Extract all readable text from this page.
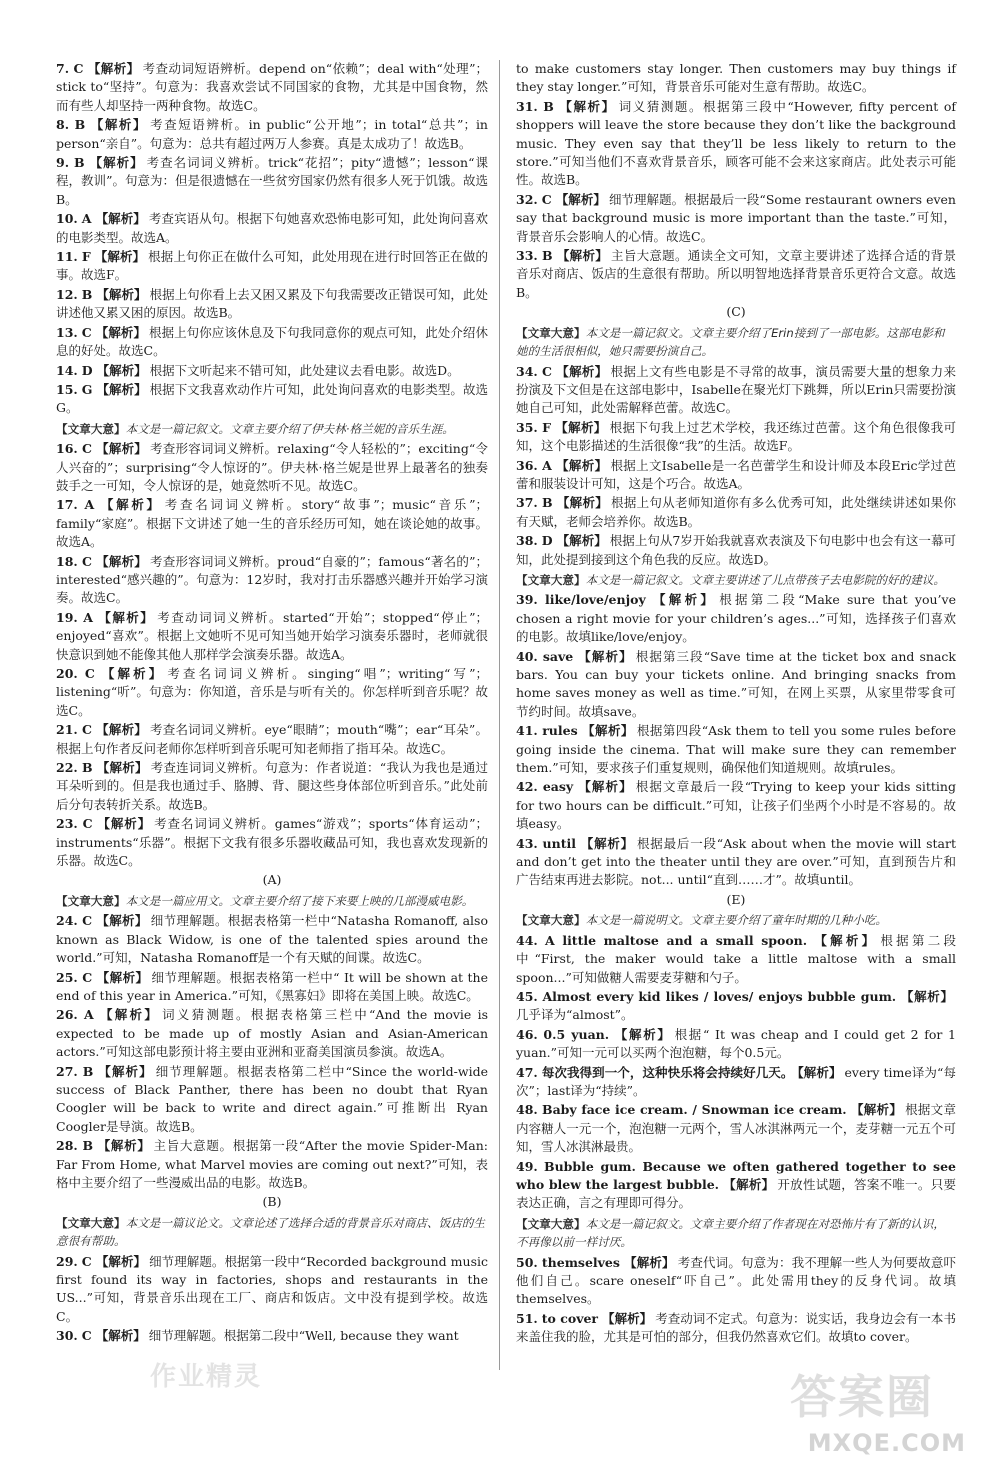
7. C 【解析】 考查动词短语辨析。depend on“依赖”；deal with“处理”；stick to“坚持”。句意为：我喜欢尝试不同国家的食物，尤其是中国食物，然而有些人却坚持一两种食物。故选C。
8. B 【解析】 考查短语辨析。in public“公开地”；in total“总共”；in person“亲自”。句意为：总共有超过两万人参赛。真是太成功了！故选B。
9. B 【解析】 考查名词词义辨析。trick“花招”；pity“遗憾”；lesson“课程，教训”。句意为：但是很遗憾在一些贫穷国家仍然有很多人死于饥饿。故选B。
10. A 【解析】 考查宾语从句。根据下句她喜欢恐怖电影可知，此处询问喜欢的电影类型。故选A。
11. F 【解析】 根据上句你正在做什么可知，此处用现在进行时回答正在做的事。故选F。
12. B 【解析】 根据上句你看上去又困又累及下句我需要改正错误可知，此处讲述他又累又困的原因。故选B。
13. C 【解析】 根据上句你应该休息及下句我同意你的观点可知，此处介绍休息的好处。故选C。
14. D 【解析】 根据下文听起来不错可知，此处建议去看电影。故选D。
15. G 【解析】 根据下文我喜欢动作片可知，此处询问喜欢的电影类型。故选G。
【文章大意】本文是一篇记叙文。文章主要介绍了伊夫林·格兰妮的音乐生涯。
16. C 【解析】 考查形容词词义辨析。relaxing“令人轻松的”；exciting“令人兴奋的”；surprising“令人惊讶的”。伊夫林·格兰妮是世界上最著名的独奏鼓手之一可知，令人惊讶的是，她竟然听不见。故选C。
17. A 【解析】 考查名词词义辨析。story“故事”；music“音乐”；family“家庭”。根据下文讲述了她一生的音乐经历可知，她在谈论她的故事。故选A。
18. C 【解析】 考查形容词词义辨析。proud“自豪的”；famous“著名的”；interested“感兴趣的”。句意为：12岁时，我对打击乐器感兴趣并开始学习演奏。故选C。
19. A 【解析】 考查动词词义辨析。started“开始”；stopped“停止”；enjoyed“喜欢”。根据上文她听不见可知当她开始学习演奏乐器时，老师就很快意识到她不能像其他人那样学会演奏乐器。故选A。
20. C 【解析】 考查名词词义辨析。singing“唱”；writing“写”；listening“听”。句意为：你知道，音乐是与听有关的。你怎样听到音乐呢？故选C。
21. C 【解析】 考查名词词义辨析。eye“眼睛”；mouth“嘴”；ear“耳朵”。根据上句作者反问老师你怎样听到音乐呢可知老师指了指耳朵。故选C。
22. B 【解析】 考查连词词义辨析。句意为：作者说道：“我认为我也是通过耳朵听到的。但是我也通过手、胳膊、背、腿这些身体部位听到音乐。”此处前后分句表转折关系。故选B。
23. C 【解析】 考查名词词义辨析。games“游戏”；sports“体育运动”；instruments“乐器”。根据下文我有很多乐器收藏品可知，我也喜欢发现新的乐器。故选C。
(A)
【文章大意】本文是一篇应用文。文章主要介绍了接下来要上映的几部漫威电影。
24. C 【解析】 细节理解题。根据表格第一栏中“Natasha Romanoff, also known as Black Widow, is one of the talented spies around the world.”可知，Natasha Romanoff是一个有天赋的间谍。故选C。
25. C 【解析】 细节理解题。根据表格第一栏中“ It will be shown at the end of this year in America.”可知，《黑寡妇》即将在美国上映。故选C。
26. A 【解析】 词义猜测题。根据表格第三栏中“And the movie is expected to be made up of mostly Asian and Asian-American actors.”可知这部电影预计将主要由亚洲和亚裔美国演员参演。故选A。
27. B 【解析】 细节理解题。根据表格第二栏中“Since the world-wide success of Black Panther, there has been no doubt that Ryan Coogler will be back to write and direct again.”可推断出 Ryan Coogler是导演。故选B。
28. B 【解析】 主旨大意题。根据第一段“After the movie Spider-Man: Far From Home, what Marvel movies are coming out next?”可知，表格中主要介绍了一些漫威出品的电影。故选B。
(B)
【文章大意】本文是一篇议论文。文章论述了选择合适的背景音乐对商店、饭店的生意很有帮助。
29. C 【解析】 细节理解题。根据第一段中“Recorded background music first found its way in factories, shops and restaurants in the US...”可知，背景音乐出现在工厂、商店和饭店。文中没有提到学校。故选C。
30. C 【解析】 细节理解题。根据第二段中“Well, because they want
to make customers stay longer. Then customers may buy things if they stay longer.”可知，背景音乐可能对生意有帮助。故选C。
31. B 【解析】 词义猜测题。根据第三段中“However, fifty percent of shoppers will leave the store because they don’t like the background music. They even say that they’ll be less likely to return to the store.”可知当他们不喜欢背景音乐，顾客可能不会来这家商店。此处表示可能性。故选B。
32. C 【解析】 细节理解题。根据最后一段“Some restaurant owners even say that background music is more important than the taste.”可知，背景音乐会影响人的心情。故选C。
33. B 【解析】 主旨大意题。通读全文可知，文章主要讲述了选择合适的背景音乐对商店、饭店的生意很有帮助。所以明智地选择背景音乐更符合文意。故选B。
(C)
【文章大意】本文是一篇记叙文。文章主要介绍了Erin接到了一部电影。这部电影和她的生活很相似，她只需要扮演自己。
34. C 【解析】 根据上文有些电影是不寻常的故事，演员需要大量的想象力来扮演及下文但是在这部电影中，Isabelle在聚光灯下跳舞，所以Erin只需要扮演她自己可知，此处需解释芭蕾。故选C。
35. F 【解析】 根据下句我上过艺术学校，我还练过芭蕾。这个角色很像我可知，这个电影描述的生活很像“我”的生活。故选F。
36. A 【解析】 根据上文Isabelle是一名芭蕾学生和设计师及本段Eric学过芭蕾和服装设计可知，这是个巧合。故选A。
37. B 【解析】 根据上句从老师知道你有多么优秀可知，此处继续讲述如果你有天赋，老师会培养你。故选B。
38. D 【解析】 根据上句从7岁开始我就喜欢表演及下句电影中也会有这一幕可知，此处提到接到这个角色我的反应。故选D。
【文章大意】本文是一篇记叙文。文章主要讲述了儿点带孩子去电影院的好的建议。
39. like/love/enjoy 【解析】 根据第二段“Make sure that you’ve chosen a right movie for your children’s ages...”可知，选择孩子们喜欢的电影。故填like/love/enjoy。
40. save 【解析】 根据第三段“Save time at the ticket box and snack bars. You can buy your tickets online. And bringing snacks from home saves money as well as time.”可知，在网上买票，从家里带零食可节约时间。故填save。
41. rules 【解析】 根据第四段“Ask them to tell you some rules before going inside the cinema. That will make sure they can remember them.”可知，要求孩子们重复规则，确保他们知道规则。故填rules。
42. easy 【解析】 根据文章最后一段“Trying to keep your kids sitting for two hours can be difficult.”可知，让孩子们坐两个小时是不容易的。故填easy。
43. until 【解析】 根据最后一段“Ask about when the movie will start and don’t get into the theater until they are over.”可知，直到预告片和广告结束再进去影院。not... until“直到……才”。故填until。
(E)
【文章大意】本文是一篇说明文。文章主要介绍了童年时期的几种小吃。
44. A little maltose and a small spoon. 【解析】 根据第二段中“First, the maker would take a little maltose with a small spoon...”可知做糖人需要麦芽糖和勺子。
45. Almost every kid likes / loves/ enjoys bubble gum. 【解析】几乎译为“almost”。
46. 0.5 yuan. 【解析】 根据“ It was cheap and I could get 2 for 1 yuan.”可知一元可以买两个泡泡糖，每个0.5元。
47. 每次我得到一个，这种快乐将会持续好几天。 【解析】 every time译为“每次”；last译为“持续”。
48. Baby face ice cream. / Snowman ice cream. 【解析】 根据文章内容糖人一元一个，泡泡糖一元两个，雪人冰淇淋两元一个，麦芽糖一元五个可知，雪人冰淇淋最贵。
49. Bubble gum. Because we often gathered together to see who blew the largest bubble. 【解析】 开放性试题，答案不唯一。只要表达正确，言之有理即可得分。
【文章大意】本文是一篇记叙文。文章主要介绍了作者现在对恐怖片有了新的认识，不再像以前一样讨厌。
50. themselves 【解析】 考查代词。句意为：我不理解一些人为何要故意吓他们自己。scare oneself“吓自己”。此处需用they的反身代词。故填themselves。
51. to cover 【解析】 考查动词不定式。句意为：说实话，我身边会有一本书来盖住我的脸，尤其是可怕的部分，但我仍然喜欢它们。故填to cover。
作业精灵	答案圈
MXQE.COM
